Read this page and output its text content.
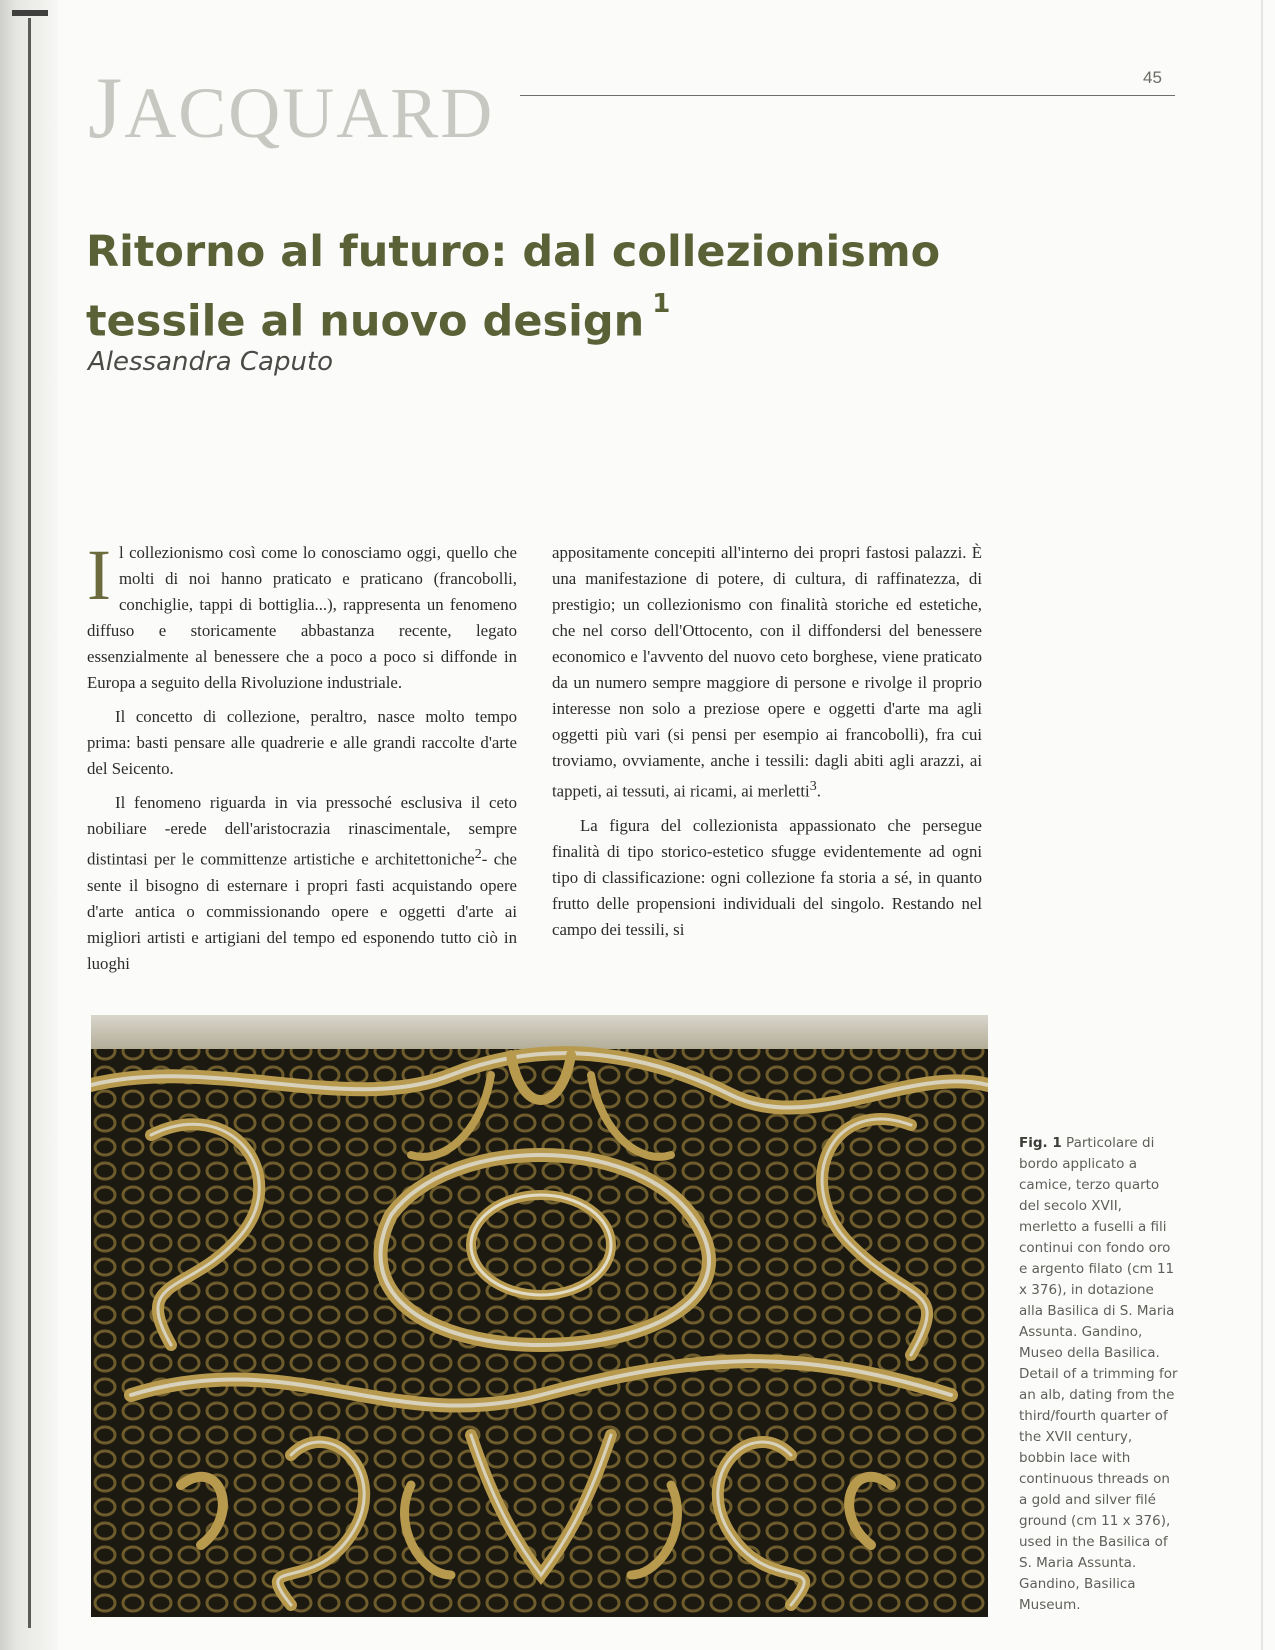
JACQUARD	45
Ritorno al futuro: dal collezionismo
tessile al nuovo design $^1$
Alessandra Caputo

Il collezionismo così come lo conosciamo oggi, quello che molti di noi hanno praticato e praticano (francobolli, conchiglie, tappi di bottiglia...), rappresenta un fenomeno diffuso e storicamente abbastanza recente, legato essenzialmente al benessere che a poco a poco si diffonde in Europa a seguito della Rivoluzione industriale.

Il concetto di collezione, peraltro, nasce molto tempo prima: basti pensare alle quadrerie e alle grandi raccolte d'arte del Seicento.

Il fenomeno riguarda in via pressoché esclusiva il ceto nobiliare -erede dell'aristocrazia rinascimentale, sempre distintasi per le committenze artistiche e architettoniche$^2$- che sente il bisogno di esternare i propri fasti acquistando opere d'arte antica o commissionando opere e oggetti d'arte ai migliori artisti e artigiani del tempo ed esponendo tutto ciò in luoghi

appositamente concepiti all'interno dei propri fastosi palazzi. È una manifestazione di potere, di cultura, di raffinatezza, di prestigio; un collezionismo con finalità storiche ed estetiche, che nel corso dell'Ottocento, con il diffondersi del benessere economico e l'avvento del nuovo ceto borghese, viene praticato da un numero sempre maggiore di persone e rivolge il proprio interesse non solo a preziose opere e oggetti d'arte ma agli oggetti più vari (si pensi per esempio ai francobolli), fra cui troviamo, ovviamente, anche i tessili: dagli abiti agli arazzi, ai tappeti, ai tessuti, ai ricami, ai merletti$^3$.

La figura del collezionista appassionato che persegue finalità di tipo storico-estetico sfugge evidentemente ad ogni tipo di classificazione: ogni collezione fa storia a sé, in quanto frutto delle propensioni individuali del singolo. Restando nel campo dei tessili, si

Fig. 1 Particolare di bordo applicato a camice, terzo quarto del secolo XVII, merletto a fuselli a fili continui con fondo oro e argento filato (cm 11 x 376), in dotazione alla Basilica di S. Maria Assunta. Gandino, Museo della Basilica. Detail of a trimming for an alb, dating from the third/fourth quarter of the XVII century, bobbin lace with continuous threads on a gold and silver filé ground (cm 11 x 376), used in the Basilica of S. Maria Assunta. Gandino, Basilica Museum.
